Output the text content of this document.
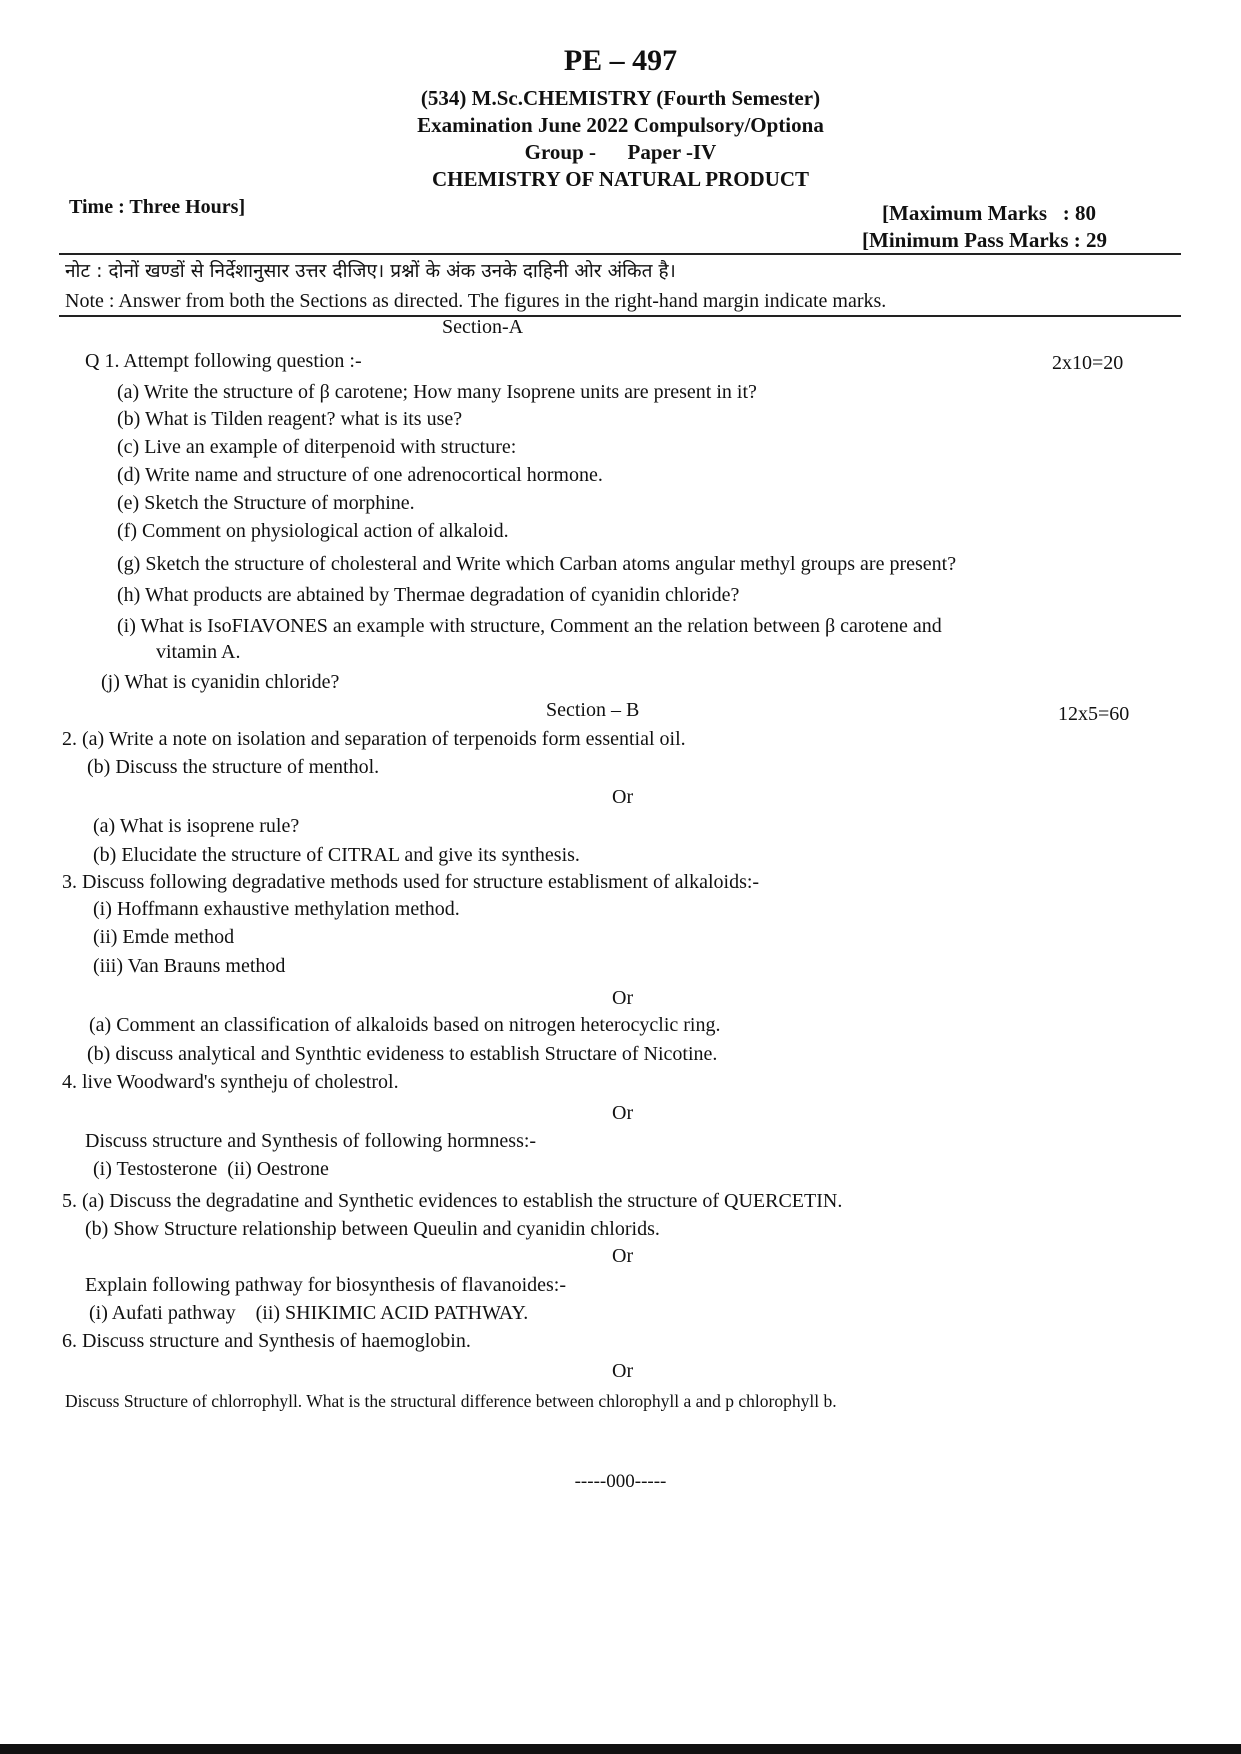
PE – 497
(534) M.Sc.CHEMISTRY (Fourth Semester)
Examination June 2022 Compulsory/Optiona
Group -      Paper -IV
CHEMISTRY OF NATURAL PRODUCT
Time : Three Hours]	[Maximum Marks   : 80
[Minimum Pass Marks : 29
नोट : दोनों खण्डों से निर्देशानुसार उत्तर दीजिए। प्रश्नों के अंक उनके दाहिनी ओर अंकित है।
Note : Answer from both the Sections as directed. The figures in the right-hand margin indicate marks.
Section-A
Q 1. Attempt following question :-	2x10=20
(a) Write the structure of β carotene; How many Isoprene units are present in it?
(b) What is Tilden reagent? what is its use?
(c) Live an example of diterpenoid with structure:
(d) Write name and structure of one adrenocortical hormone.
(e) Sketch the Structure of morphine.
(f) Comment on physiological action of alkaloid.
(g) Sketch the structure of cholesteral and Write which Carban atoms angular methyl groups are present?
(h) What products are abtained by Thermae degradation of cyanidin chloride?
(i) What is IsoFIAVONES an example with structure, Comment an the relation between β carotene and
vitamin A.
(j) What is cyanidin chloride?
Section – B	12x5=60
2. (a) Write a note on isolation and separation of terpenoids form essential oil.
(b) Discuss the structure of menthol.
Or
(a) What is isoprene rule?
(b) Elucidate the structure of CITRAL and give its synthesis.
3. Discuss following degradative methods used for structure establisment of alkaloids:-
(i) Hoffmann exhaustive methylation method.
(ii) Emde method
(iii) Van Brauns method
Or
(a) Comment an classification of alkaloids based on nitrogen heterocyclic ring.
(b) discuss analytical and Synthtic evideness to establish Structare of Nicotine.
4. live Woodward's syntheju of cholestrol.
Or
Discuss structure and Synthesis of following hormness:-
(i) Testosterone  (ii) Oestrone
5. (a) Discuss the degradatine and Synthetic evidences to establish the structure of QUERCETIN.
(b) Show Structure relationship between Queulin and cyanidin chlorids.
Or
Explain following pathway for biosynthesis of flavanoides:-
(i) Aufati pathway    (ii) SHIKIMIC ACID PATHWAY.
6. Discuss structure and Synthesis of haemoglobin.
Or
Discuss Structure of chlorrophyll. What is the structural difference between chlorophyll a and p chlorophyll b.
-----000-----
